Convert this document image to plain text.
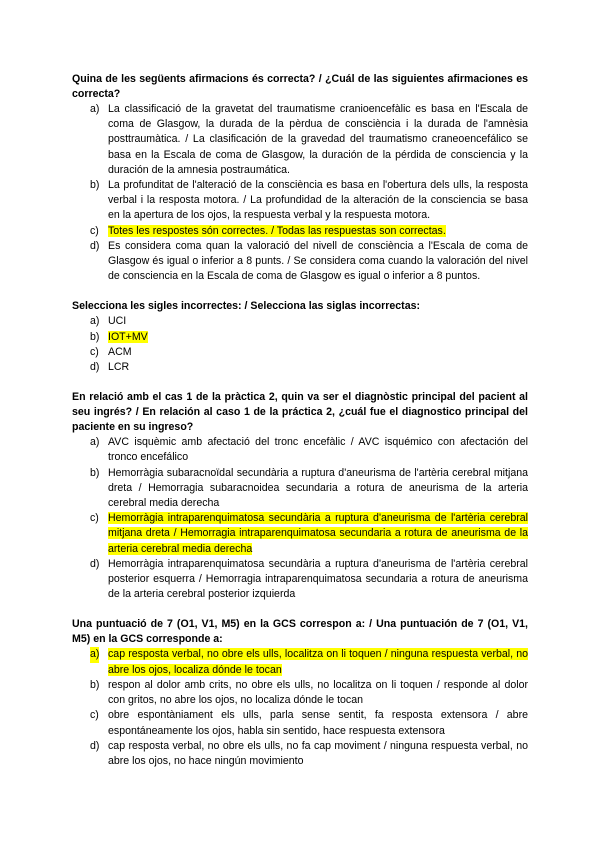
Quina de les següents afirmacions és correcta? / ¿Cuál de las siguientes afirmaciones es correcta?
a) La classificació de la gravetat del traumatisme cranioencefàlic es basa en l'Escala de coma de Glasgow, la durada de la pèrdua de consciència i la durada de l'amnèsia posttraumàtica. / La clasificación de la gravedad del traumatismo craneoencefálico se basa en la Escala de coma de Glasgow, la duración de la pérdida de consciencia y la duración de la amnesia postraumática.
b) La profunditat de l'alteració de la consciència es basa en l'obertura dels ulls, la resposta verbal i la resposta motora. / La profundidad de la alteración de la consciencia se basa en la apertura de los ojos, la respuesta verbal y la respuesta motora.
c) Totes les respostes són correctes. / Todas las respuestas son correctas.
d) Es considera coma quan la valoració del nivell de consciència a l'Escala de coma de Glasgow és igual o inferior a 8 punts. / Se considera coma cuando la valoración del nivel de consciencia en la Escala de coma de Glasgow es igual o inferior a 8 puntos.
Selecciona les sigles incorrectes: / Selecciona las siglas incorrectas:
a) UCI
b) IOT+MV
c) ACM
d) LCR
En relació amb el cas 1 de la pràctica 2, quin va ser el diagnòstic principal del pacient al seu ingrés? / En relación al caso 1 de la práctica 2, ¿cuál fue el diagnostico principal del paciente en su ingreso?
a) AVC isquèmic amb afectació del tronc encefàlic / AVC isquémico con afectación del tronco encefálico
b) Hemorràgia subaracnoïdal secundària a ruptura d'aneurisma de l'artèria cerebral mitjana dreta / Hemorragia subaracnoidea secundaria a rotura de aneurisma de la arteria cerebral media derecha
c) Hemorràgia intraparenquimatosa secundària a ruptura d'aneurisma de l'artèria cerebral mitjana dreta / Hemorragia intraparenquimatosa secundaria a rotura de aneurisma de la arteria cerebral media derecha
d) Hemorràgia intraparenquimatosa secundària a ruptura d'aneurisma de l'artèria cerebral posterior esquerra / Hemorragia intraparenquimatosa secundaria a rotura de aneurisma de la arteria cerebral posterior izquierda
Una puntuació de 7 (O1, V1, M5) en la GCS correspon a: / Una puntuación de 7 (O1, V1, M5) en la GCS corresponde a:
a) cap resposta verbal, no obre els ulls, localitza on li toquen / ninguna respuesta verbal, no abre los ojos, localiza dónde le tocan
b) respon al dolor amb crits, no obre els ulls, no localitza on li toquen / responde al dolor con gritos, no abre los ojos, no localiza dónde le tocan
c) obre espontàniament els ulls, parla sense sentit, fa resposta extensora / abre espontáneamente los ojos, habla sin sentido, hace respuesta extensora
d) cap resposta verbal, no obre els ulls, no fa cap moviment / ninguna respuesta verbal, no abre los ojos, no hace ningún movimiento
